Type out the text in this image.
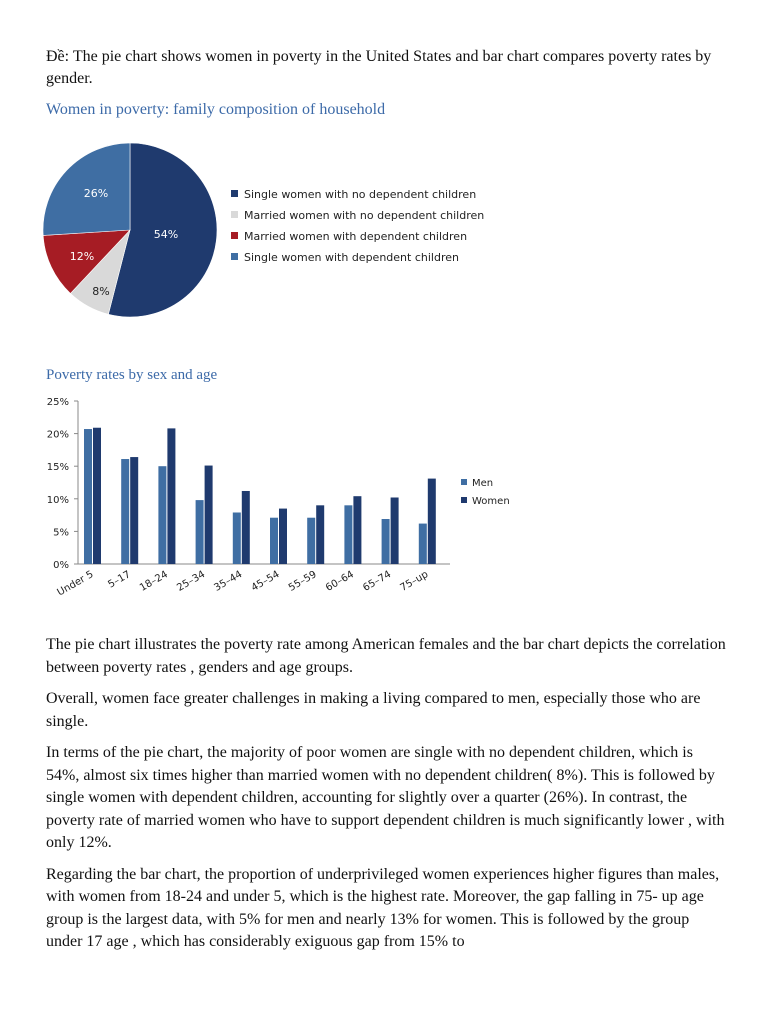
Đề: The pie chart shows women in poverty in the United States and bar chart compares poverty rates by gender.
Women in poverty: family composition of household
Poverty rates by sex and age
54%
8%
12%
26%	Single women with no dependent children
Married women with no dependent children
Married women with dependent children
Single women with dependent children
0%
5%
10%
15%
20%
25%
Under 5 5–17 18–24 25–34 35–44 45–54 55–59 60–64 65–74 75–up
Men
Women

The pie chart illustrates the poverty rate among American females and the bar chart depicts the correlation between poverty rates , genders and age groups.

Overall, women face greater challenges in making a living compared to men, especially those who are single.

In terms of the pie chart, the majority of poor women are single with no dependent children, which is 54%, almost six times higher than married women with no dependent children( 8%). This is followed by single women with dependent children, accounting for slightly over a quarter (26%). In contrast, the poverty rate of married women who have to support dependent children is much significantly lower , with only 12%.

Regarding the bar chart, the proportion of underprivileged women experiences higher figures than males, with women from 18-24 and under 5, which is the highest rate. Moreover, the gap falling in 75- up age group is the largest data, with 5% for men and nearly 13% for women. This is followed by the group under 17 age , which has considerably exiguous gap from 15% to
